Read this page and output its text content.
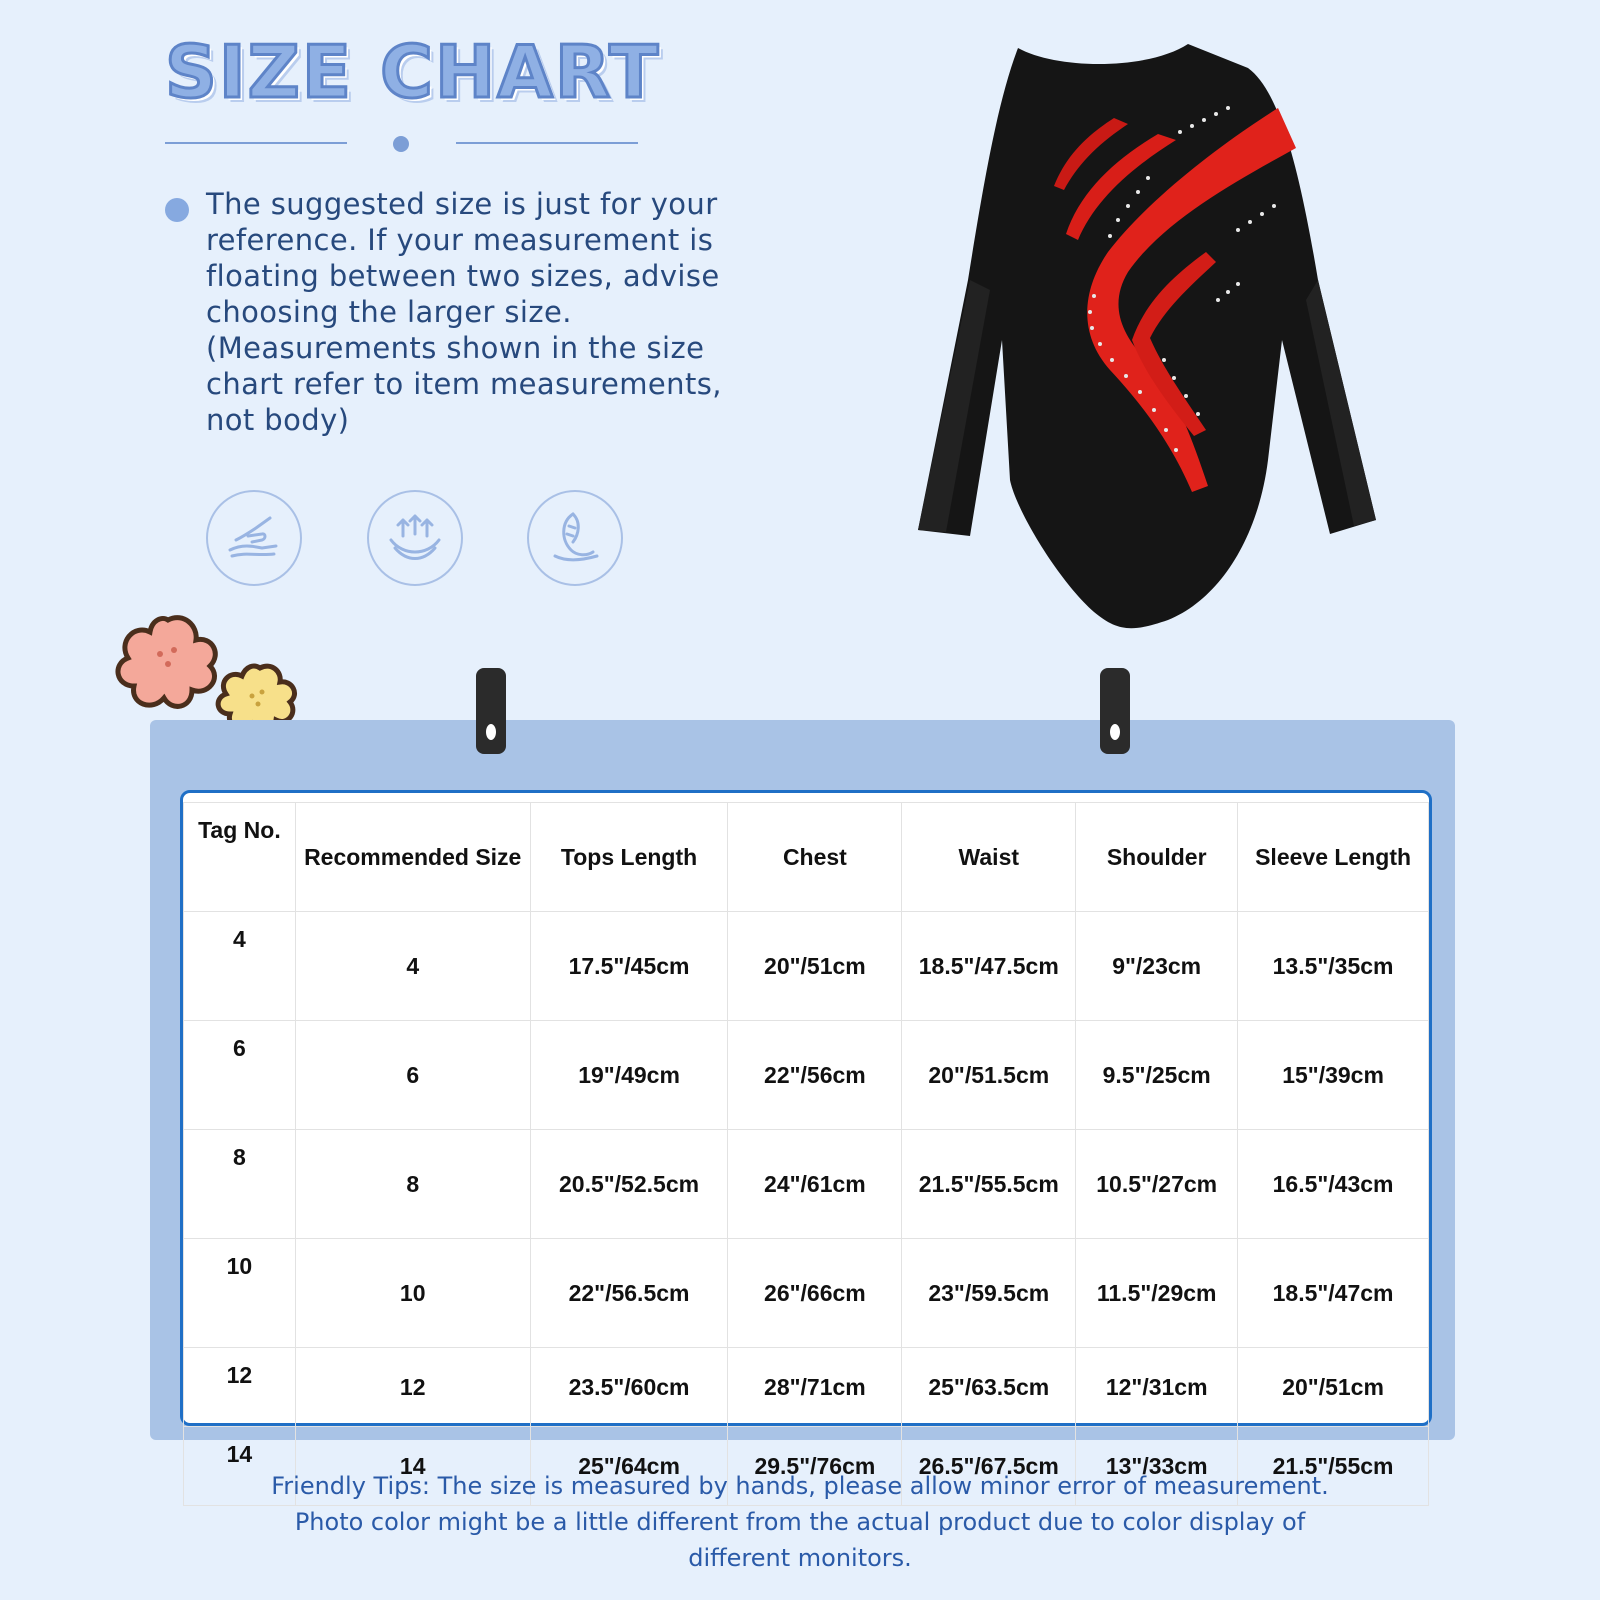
SIZE CHART

The suggested size is just for your
reference. If your measurement is
floating between two sizes, advise
choosing the larger size.
(Measurements shown in the size
chart refer to item measurements,
not body)

Tag No.	Recommended Size	Tops Length	Chest	Waist	Shoulder	Sleeve Length
4	4	17.5"/45cm	20"/51cm	18.5"/47.5cm	9"/23cm	13.5"/35cm
6	6	19"/49cm	22"/56cm	20"/51.5cm	9.5"/25cm	15"/39cm
8	8	20.5"/52.5cm	24"/61cm	21.5"/55.5cm	10.5"/27cm	16.5"/43cm
10	10	22"/56.5cm	26"/66cm	23"/59.5cm	11.5"/29cm	18.5"/47cm
12	12	23.5"/60cm	28"/71cm	25"/63.5cm	12"/31cm	20"/51cm
14	14	25"/64cm	29.5"/76cm	26.5"/67.5cm	13"/33cm	21.5"/55cm

Friendly Tips: The size is measured by hands, please allow minor error of measurement.
Photo color might be a little different from the actual product due to color display of
different monitors.
